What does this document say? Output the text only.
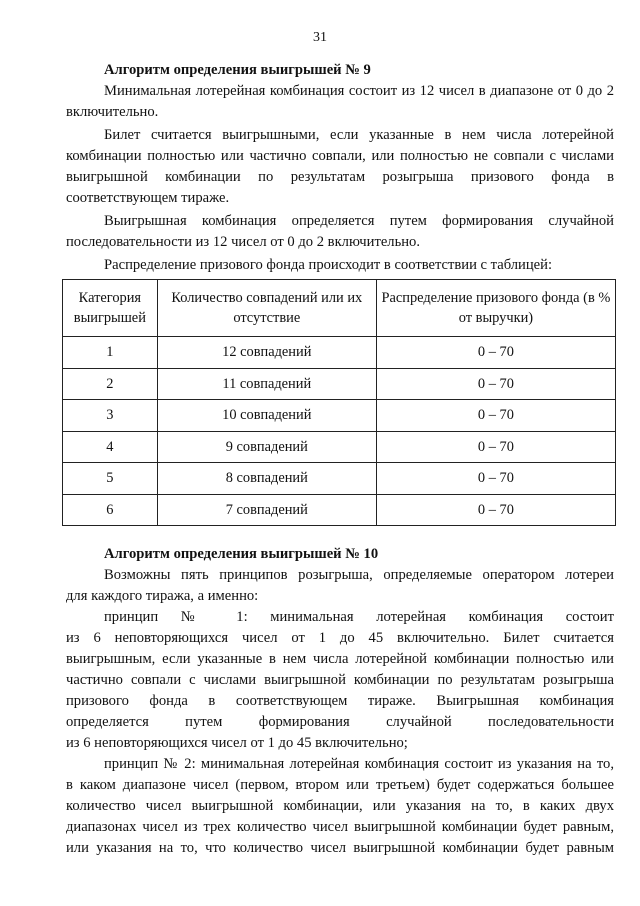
31

Алгоритм определения выигрышей № 9

Минимальная лотерейная комбинация состоит из 12 чисел в диапазоне от 0 до 2 включительно.

Билет считается выигрышными, если указанные в нем числа лотерейной комбинации полностью или частично совпали, или полностью не совпали с числами выигрышной комбинации по результатам розыгрыша призового фонда в соответствующем тираже.

Выигрышная комбинация определяется путем формирования случайной последовательности из 12 чисел от 0 до 2 включительно.

Распределение призового фонда происходит в соответствии с таблицей:

Категория выигрышей	Количество совпадений или их отсутствие	Распределение призового фонда (в % от выручки)
1	12 совпадений	0 – 70
2	11 совпадений	0 – 70
3	10 совпадений	0 – 70
4	9 совпадений	0 – 70
5	8 совпадений	0 – 70
6	7 совпадений	0 – 70

Алгоритм определения выигрышей № 10

Возможны пять принципов розыгрыша, определяемые оператором лотереи

для каждого тиража, а именно:

принцип № 1: минимальная лотерейная комбинация состоит

из 6 неповторяющихся чисел от 1 до 45 включительно. Билет считается

выигрышным, если указанные в нем числа лотерейной комбинации полностью или

частично совпали с числами выигрышной комбинации по результатам розыгрыша

призового фонда в соответствующем тираже. Выигрышная комбинация

определяется путем формирования случайной последовательности

из 6 неповторяющихся чисел от 1 до 45 включительно;

принцип № 2: минимальная лотерейная комбинация состоит из указания на то,

в каком диапазоне чисел (первом, втором или третьем) будет содержаться большее

количество чисел выигрышной комбинации, или указания на то, в каких двух

диапазонах чисел из трех количество чисел выигрышной комбинации будет равным,

или указания на то, что количество чисел выигрышной комбинации будет равным
